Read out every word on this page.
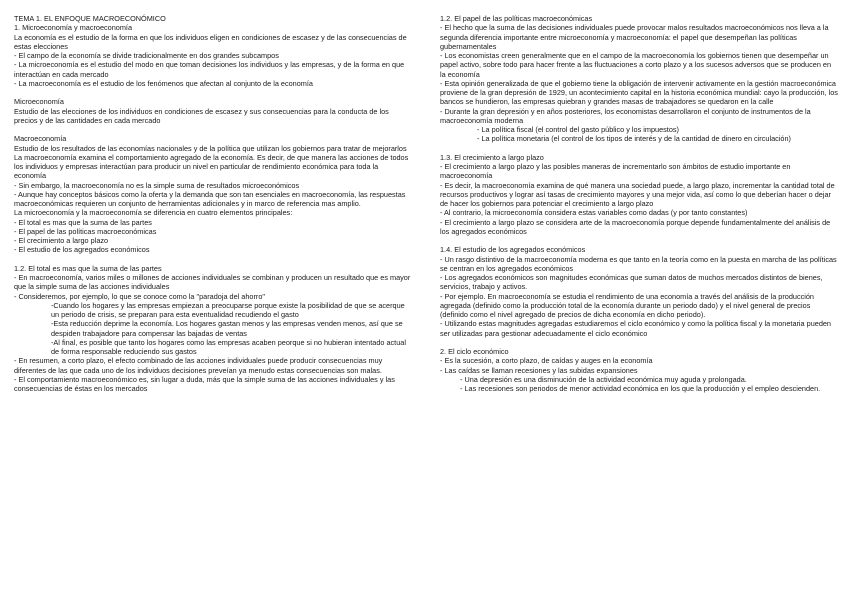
TEMA 1. EL ENFOQUE MACROECONÓMICO
1. Microeconomía y macroeconomía
La economía es el estudio de la forma en que los individuos eligen en condiciones de escasez y de las consecuencias de estas elecciones
- El campo de la economía se divide tradicionalmente en dos grandes subcampos
- La microeconomía es el estudio del modo en que toman decisiones los individuos y las empresas, y de la forma en que interactúan en cada mercado
- La macroeconomía es el estudio de los fenómenos que afectan al conjunto de la economía
Microeconomía
Estudio de las elecciones de los individuos en condiciones de escasez y sus consecuencias para la conducta de los precios y de las cantidades en cada mercado
Macroeconomía
Estudio de los resultados de las economías nacionales y de la política que utilizan los gobiernos para tratar de mejorarlos
La macroeconomía examina el comportamiento agregado de la economía. Es decir, de que manera las acciones de todos los individuos y empresas interactúan para producir un nivel en particular de rendimiento económica para toda la economía
- Sin embargo, la macroeconomía no es la simple suma de resultados microeconómicos
- Aunque hay conceptos básicos como la oferta y la demanda que son tan esenciales en macroeconomía, las respuestas macroeconómicas requieren un conjunto de herramientas adicionales y in marco de referencia mas amplio.
La microeconomía y la macroeconomía se diferencia en cuatro elementos principales:
- El total es mas que la suma de las partes
- El papel de las políticas macroeconómicas
- El crecimiento a largo plazo
- El estudio de los agregados económicos
1.2. El total es mas que la suma de las partes
- En macroeconomía, varios miles o millones de acciones individuales se combinan y producen un resultado que es mayor que la simple suma de las acciones individuales
- Consideremos, por ejemplo, lo que se conoce como la "paradoja del ahorro"
-Cuando los hogares y las empresas empiezan a preocuparse porque existe la posibilidad de que se acerque un periodo de crisis, se preparan para esta eventualidad recudiendo el gasto
-Esta reducción deprime la economía. Los hogares gastan menos y las empresas venden menos, así que se despiden trabajadore para compensar las bajadas de ventas
-Al final, es posible que tanto los hogares como las empresas acaben peorque si no hubieran intentado actual de forma responsable reduciendo sus gastos
- En resumen, a corto plazo, el efecto combinado de las acciones individuales puede producir consecuencias muy diferentes de las que cada uno de los individuos decisiones preveían ya menudo estas consecuencias son malas.
- El comportamiento macroeconómico es, sin lugar a duda, más que la simple suma de las acciones individuales y las consecuencias de éstas en los mercados
1.2. El papel de las políticas macroeconómicas
- El hecho que la suma de las decisiones individuales puede provocar malos resultados macroeconómicos nos lleva a la segunda diferencia importante entre microeconomía y macroeconomía: el papel que desempeñan las políticas gubernamentales
- Los economistas creen generalmente que en el campo de la macroeconomía los gobiernos tienen que desempeñar un papel activo, sobre todo para hacer frente a las fluctuaciones a corto plazo y a los sucesos adversos que se producen en la economía
- Esta opinión generalizada de que el gobierno tiene la obligación de intervenir activamente en la gestión macroeconómica proviene de la gran depresión de 1929, un acontecimiento capital en la historia económica mundial: cayo la producción, los bancos se hundieron, las empresas quiebran y grandes masas de trabajadores se quedaron en la calle
- Durante la gran depresión y en años posteriores, los economistas desarrollaron el conjunto de instrumentos de la macroeconomía moderna
- La política fiscal (el control del gasto público y los impuestos)
- La política monetaria (el control de los tipos de interés y de la cantidad de dinero en circulación)
1.3. El crecimiento a largo plazo
- El crecimiento a largo plazo y las posibles maneras de incrementarlo son ámbitos de estudio importante en macroeconomía
- Es decir, la macroeconomía examina de qué manera una sociedad puede, a largo plazo, incrementar la cantidad total de recursos productivos y lograr así tasas de crecimiento mayores y una mejor vida, así como lo que deberían hacer o dejar de hacer los gobiernos para potenciar el crecimiento a largo plazo
- Al contrario, la microeconomía considera estas variables como dadas (y por tanto constantes)
- El crecimiento a largo plazo se considera arte de la macroeconomía porque depende fundamentalmente del análisis de los agregados económicos
1.4. El estudio de los agregados económicos
- Un rasgo distintivo de la macroeconomía moderna es que tanto en la teoría como en la puesta en marcha de las políticas se centran en los agregados económicos
- Los agregados económicos son magnitudes económicas que suman datos de muchos mercados distintos de bienes, servicios, trabajo y activos.
- Por ejemplo. En macroeconomía se estudia el rendimiento de una economía a través del análisis de la producción agregada (definido como la producción total de la economía durante un periodo dado) y el nivel general de precios (definido como el nivel agregado de precios de dicha economía en dicho periodo).
- Utilizando estas magnitudes agregadas estudiaremos el ciclo económico y como la política fiscal y la monetaria pueden ser utilizadas para gestionar adecuadamente el ciclo económico
2. El ciclo económico
- Es la sucesión, a corto plazo, de caídas y auges en la economía
- Las caídas se llaman recesiones y las subidas expansiones
- Una depresión es una disminución de la actividad económica muy aguda y prolongada.
- Las recesiones son periodos de menor actividad económica en los que la producción y el empleo descienden.
